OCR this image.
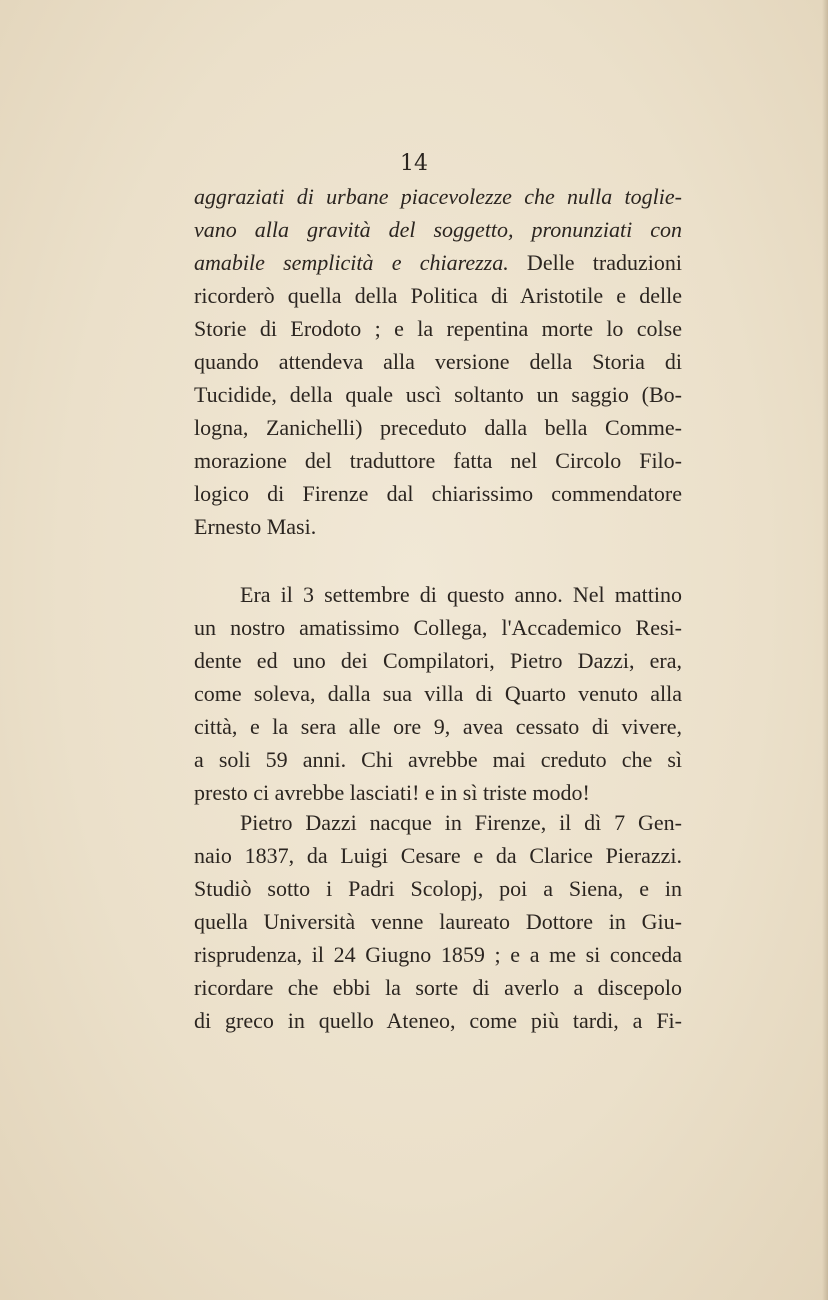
14
aggraziati di urbane piacevolezze che nulla toglie-
vano alla gravità del soggetto, pronunziati con
amabile semplicità e chiarezza. Delle traduzioni
ricorderò quella della Politica di Aristotile e delle
Storie di Erodoto ; e la repentina morte lo colse
quando attendeva alla versione della Storia di
Tucidide, della quale uscì soltanto un saggio (Bo-
logna, Zanichelli) preceduto dalla bella Comme-
morazione del traduttore fatta nel Circolo Filo-
logico di Firenze dal chiarissimo commendatore
Ernesto Masi.
Era il 3 settembre di questo anno. Nel mattino
un nostro amatissimo Collega, l'Accademico Resi-
dente ed uno dei Compilatori, Pietro Dazzi, era,
come soleva, dalla sua villa di Quarto venuto alla
città, e la sera alle ore 9, avea cessato di vivere,
a soli 59 anni. Chi avrebbe mai creduto che sì
presto ci avrebbe lasciati! e in sì triste modo!
Pietro Dazzi nacque in Firenze, il dì 7 Gen-
naio 1837, da Luigi Cesare e da Clarice Pierazzi.
Studiò sotto i Padri Scolopj, poi a Siena, e in
quella Università venne laureato Dottore in Giu-
risprudenza, il 24 Giugno 1859 ; e a me si conceda
ricordare che ebbi la sorte di averlo a discepolo
di greco in quello Ateneo, come più tardi, a Fi-
